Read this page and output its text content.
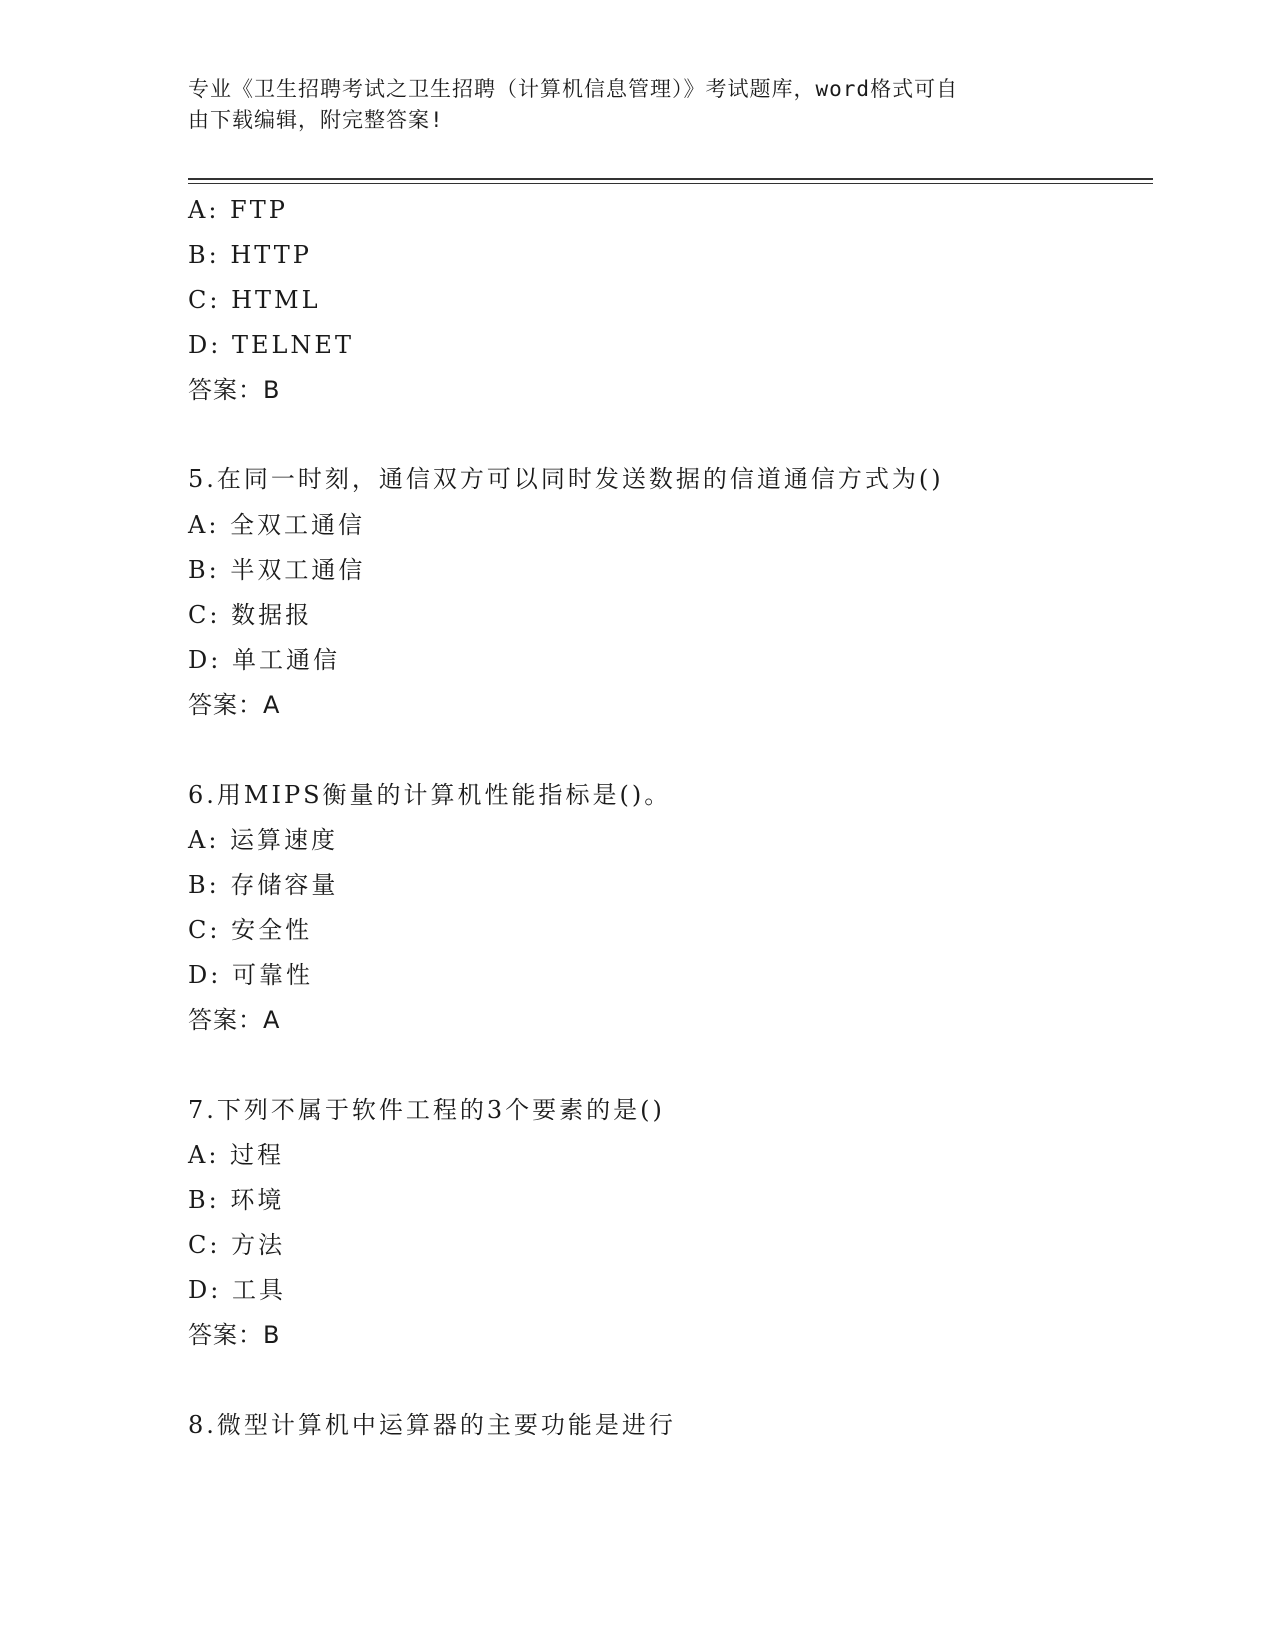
专业《卫生招聘考试之卫生招聘（计算机信息管理）》考试题库，word格式可自
由下载编辑，附完整答案!
A: FTP
B: HTTP
C: HTML
D: TELNET
答案：B
5.在同一时刻，通信双方可以同时发送数据的信道通信方式为()
A: 全双工通信
B: 半双工通信
C: 数据报
D: 单工通信
答案：A
6.用MIPS衡量的计算机性能指标是()。
A: 运算速度
B: 存储容量
C: 安全性
D: 可靠性
答案：A
7.下列不属于软件工程的3个要素的是()
A: 过程
B: 环境
C: 方法
D: 工具
答案：B
8.微型计算机中运算器的主要功能是进行
